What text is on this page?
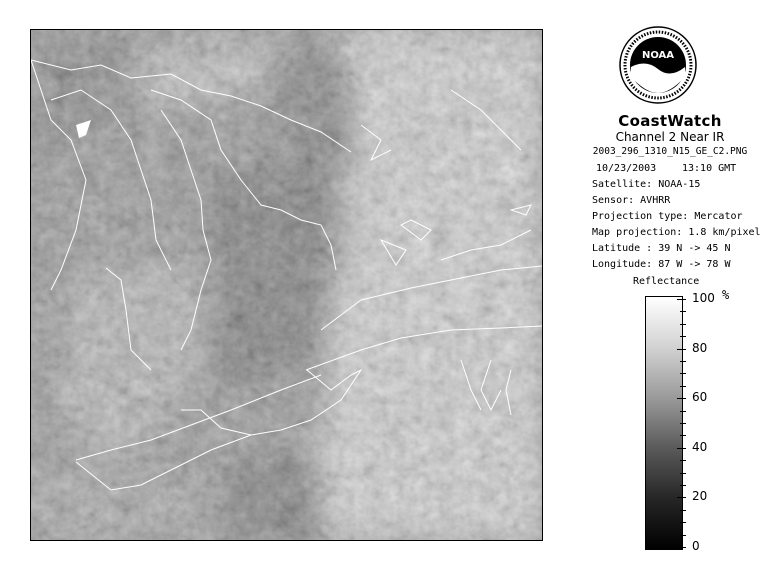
NOAA
CoastWatch
Channel 2 Near IR
2003_296_1310_N15_GE_C2.PNG
10/23/2003	13:10 GMT
Satellite: NOAA-15
Sensor: AVHRR
Projection type: Mercator
Map projection: 1.8 km/pixel
Latitude : 39 N -> 45 N
Longitude: 87 W -> 78 W
Reflectance
%
100
80
60
40
20
0
